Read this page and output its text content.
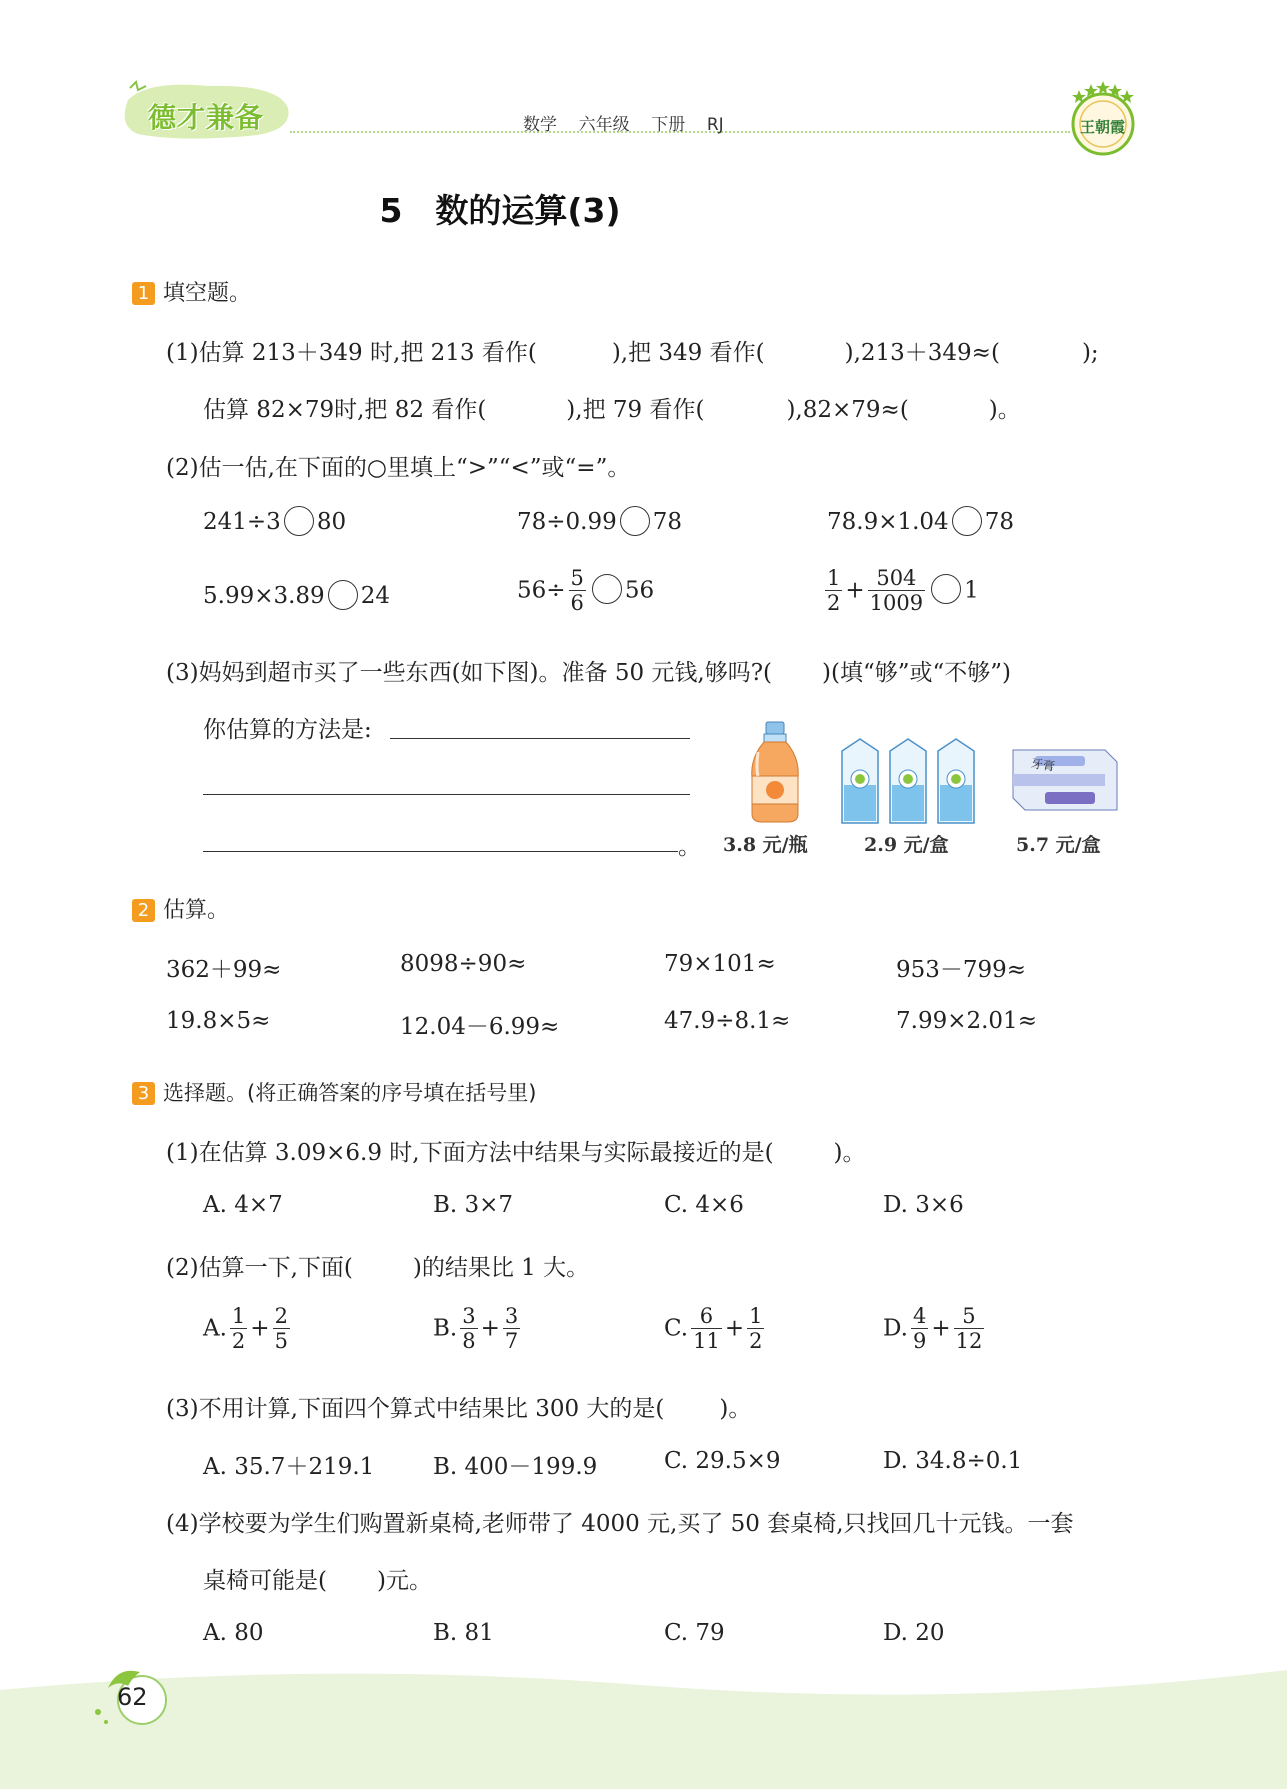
德才兼备	数学 六年级 下册 RJ	王朝霞
5　数的运算(3)
1 填空题。
(1)估算 213＋349 时,把 213 看作(	),把 349 看作(	),213＋349≈(	);
估算 82×79时,把 82 看作(	),把 79 看作(	),82×79≈(	)。
(2)估一估,在下面的○里填上“>”“<”或“=”。
241÷3 80	78÷0.99 78	78.9×1.04 78
5.99×3.89 24	$56\div \frac{5}{6} 56$	$\frac{1}{2} + \frac{504}{1009} 1$
(3)妈妈到超市买了一些东西(如下图)。准备 50 元钱,够吗?( )(填“够”或“不够”)
你估算的方法是:
。
牙膏
3.8 元/瓶	2.9 元/盒	5.7 元/盒
2 估算。
362＋99≈	8098÷90≈	79×101≈	953－799≈
19.8×5≈	12.04－6.99≈	47.9÷8.1≈	7.99×2.01≈
3 选择题。(将正确答案的序号填在括号里)
(1)在估算 3.09×6.9 时,下面方法中结果与实际最接近的是(	)。
A. 4×7	B. 3×7	C. 4×6	D. 3×6
(2)估算一下,下面(	)的结果比 1 大。
A. $\frac{1}{2} + \frac{2}{5}$	B. $\frac{3}{8} + \frac{3}{7}$	C. $\frac{6}{11} + \frac{1}{2}$	D. $\frac{4}{9} + \frac{5}{12}$
(3)不用计算,下面四个算式中结果比 300 大的是( )。
A. 35.7＋219.1	B. 400－199.9	C. 29.5×9	D. 34.8÷0.1
(4)学校要为学生们购置新桌椅,老师带了 4000 元,买了 50 套桌椅,只找回几十元钱。一套
桌椅可能是( )元。
A. 80	B. 81	C. 79	D. 20
62
